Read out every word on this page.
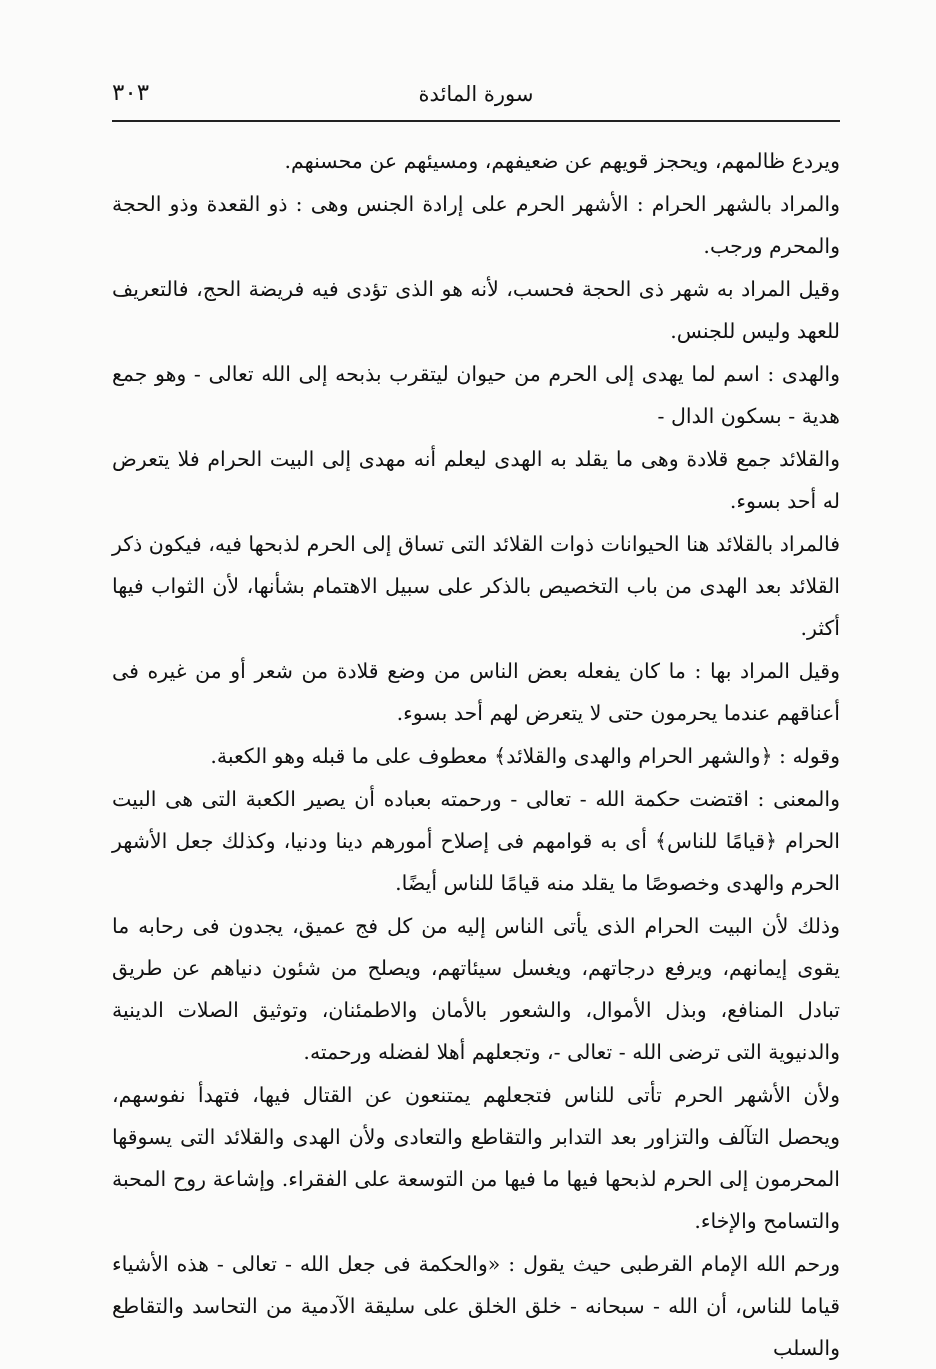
سورة المائدة
٣٠٣

ويردع ظالمهم، ويحجز قويهم عن ضعيفهم، ومسيئهم عن محسنهم.

والمراد بالشهر الحرام : الأشهر الحرم على إرادة الجنس وهى : ذو القعدة وذو الحجة والمحرم ورجب.

وقيل المراد به شهر ذى الحجة فحسب، لأنه هو الذى تؤدى فيه فريضة الحج، فالتعريف للعهد وليس للجنس.

والهدى : اسم لما يهدى إلى الحرم من حيوان ليتقرب بذبحه إلى الله تعالى - وهو جمع هدية - بسكون الدال -

والقلائد جمع قلادة وهى ما يقلد به الهدى ليعلم أنه مهدى إلى البيت الحرام فلا يتعرض له أحد بسوء.

فالمراد بالقلائد هنا الحيوانات ذوات القلائد التى تساق إلى الحرم لذبحها فيه، فيكون ذكر القلائد بعد الهدى من باب التخصيص بالذكر على سبيل الاهتمام بشأنها، لأن الثواب فيها أكثر.

وقيل المراد بها : ما كان يفعله بعض الناس من وضع قلادة من شعر أو من غيره فى أعناقهم عندما يحرمون حتى لا يتعرض لهم أحد بسوء.

وقوله : ﴿والشهر الحرام والهدى والقلائد﴾ معطوف على ما قبله وهو الكعبة.

والمعنى : اقتضت حكمة الله - تعالى - ورحمته بعباده أن يصير الكعبة التى هى البيت الحرام ﴿قيامًا للناس﴾ أى به قوامهم فى إصلاح أمورهم دينا ودنيا، وكذلك جعل الأشهر الحرم والهدى وخصوصًا ما يقلد منه قيامًا للناس أيضًا.

وذلك لأن البيت الحرام الذى يأتى الناس إليه من كل فج عميق، يجدون فى رحابه ما يقوى إيمانهم، ويرفع درجاتهم، ويغسل سيئاتهم، ويصلح من شئون دنياهم عن طريق تبادل المنافع، وبذل الأموال، والشعور بالأمان والاطمئنان، وتوثيق الصلات الدينية والدنيوية التى ترضى الله - تعالى -، وتجعلهم أهلا لفضله ورحمته.

ولأن الأشهر الحرم تأتى للناس فتجعلهم يمتنعون عن القتال فيها، فتهدأ نفوسهم، ويحصل التآلف والتزاور بعد التدابر والتقاطع والتعادى ولأن الهدى والقلائد التى يسوقها المحرمون إلى الحرم لذبحها فيها ما فيها من التوسعة على الفقراء. وإشاعة روح المحبة والتسامح والإخاء.

ورحم الله الإمام القرطبى حيث يقول : «والحكمة فى جعل الله - تعالى - هذه الأشياء قياما للناس، أن الله - سبحانه - خلق الخلق على سليقة الآدمية من التحاسد والتقاطع والسلب
